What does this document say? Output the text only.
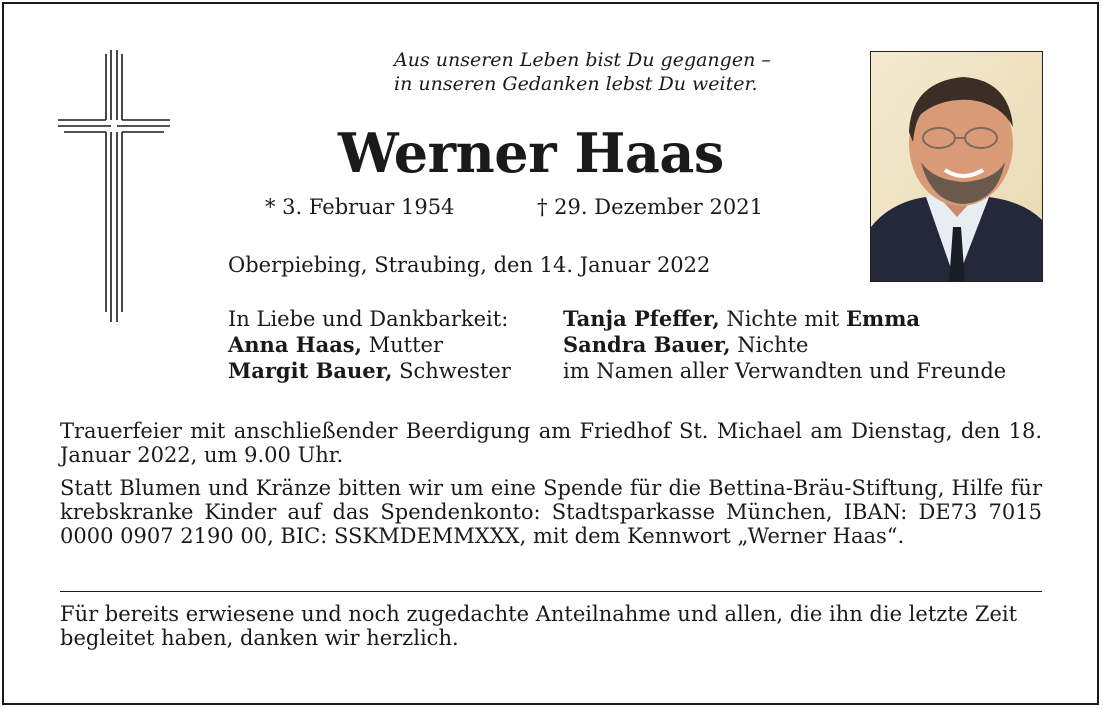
Aus unseren Leben bist Du gegangen –
in unseren Gedanken lebst Du weiter.
Werner Haas
* 3. Februar 1954	† 29. Dezember 2021
Oberpiebing, Straubing, den 14. Januar 2022
In Liebe und Dankbarkeit:
Anna Haas, Mutter
Margit Bauer, Schwester
Tanja Pfeffer, Nichte mit Emma
Sandra Bauer, Nichte
im Namen aller Verwandten und Freunde
Trauerfeier mit anschließender Beerdigung am Friedhof St. Michael am Dienstag, den 18. Januar 2022, um 9.00 Uhr.
Statt Blumen und Kränze bitten wir um eine Spende für die Bettina-Bräu-Stiftung, Hilfe für krebskranke Kinder auf das Spendenkonto: Stadtsparkasse München, IBAN: DE73 7015 0000 0907 2190 00, BIC: SSKMDEMMXXX, mit dem Kennwort „Werner Haas“.
Für bereits erwiesene und noch zugedachte Anteilnahme und allen, die ihn die letzte Zeit begleitet haben, danken wir herzlich.
